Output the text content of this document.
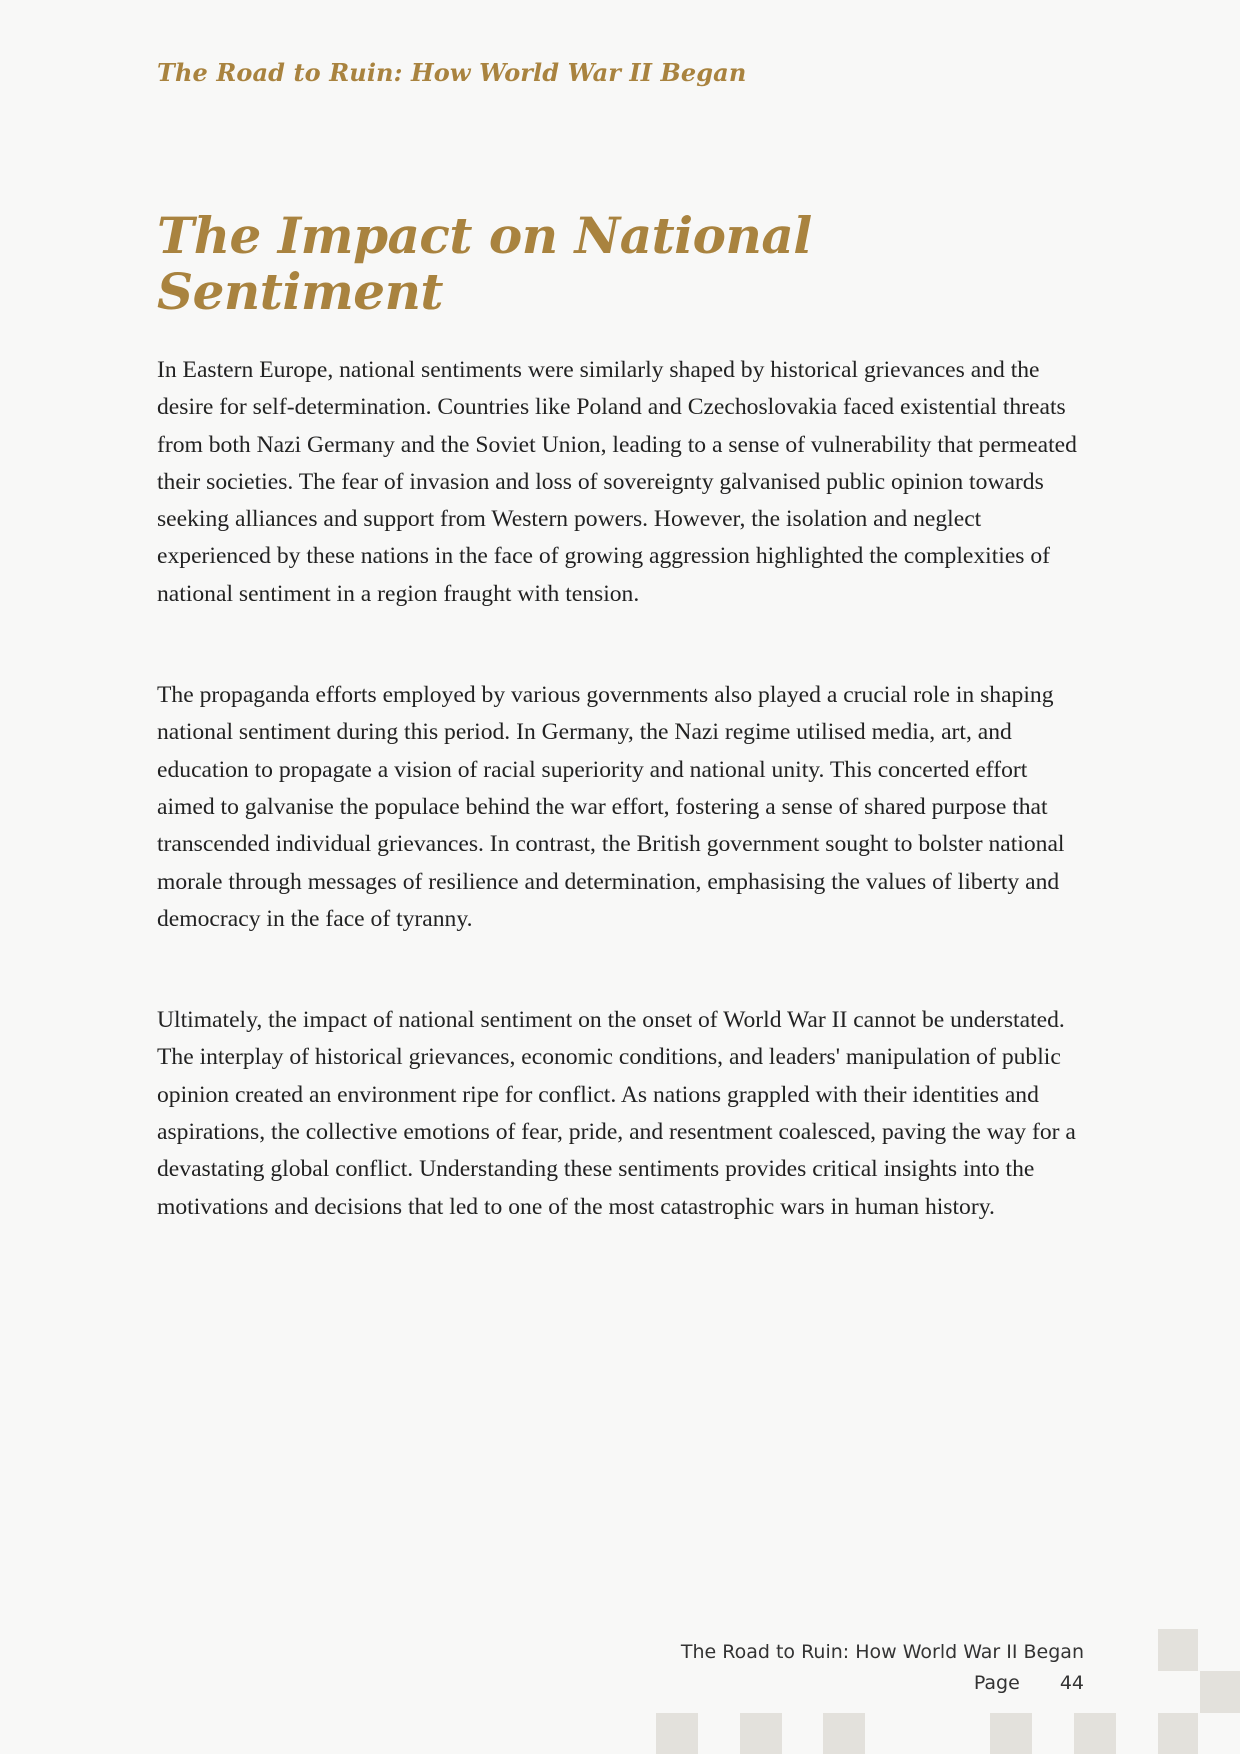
The Road to Ruin: How World War II Began
The Impact on National Sentiment

In Eastern Europe, national sentiments were similarly shaped by historical grievances and the desire for self-determination. Countries like Poland and Czechoslovakia faced existential threats from both Nazi Germany and the Soviet Union, leading to a sense of vulnerability that permeated their societies. The fear of invasion and loss of sovereignty galvanised public opinion towards seeking alliances and support from Western powers. However, the isolation and neglect experienced by these nations in the face of growing aggression highlighted the complexities of national sentiment in a region fraught with tension.

The propaganda efforts employed by various governments also played a crucial role in shaping national sentiment during this period. In Germany, the Nazi regime utilised media, art, and education to propagate a vision of racial superiority and national unity. This concerted effort aimed to galvanise the populace behind the war effort, fostering a sense of shared purpose that transcended individual grievances. In contrast, the British government sought to bolster national morale through messages of resilience and determination, emphasising the values of liberty and democracy in the face of tyranny.

Ultimately, the impact of national sentiment on the onset of World War II cannot be understated. The interplay of historical grievances, economic conditions, and leaders' manipulation of public opinion created an environment ripe for conflict. As nations grappled with their identities and aspirations, the collective emotions of fear, pride, and resentment coalesced, paving the way for a devastating global conflict. Understanding these sentiments provides critical insights into the motivations and decisions that led to one of the most catastrophic wars in human history.

The Road to Ruin: How World War II Began
Page 44
